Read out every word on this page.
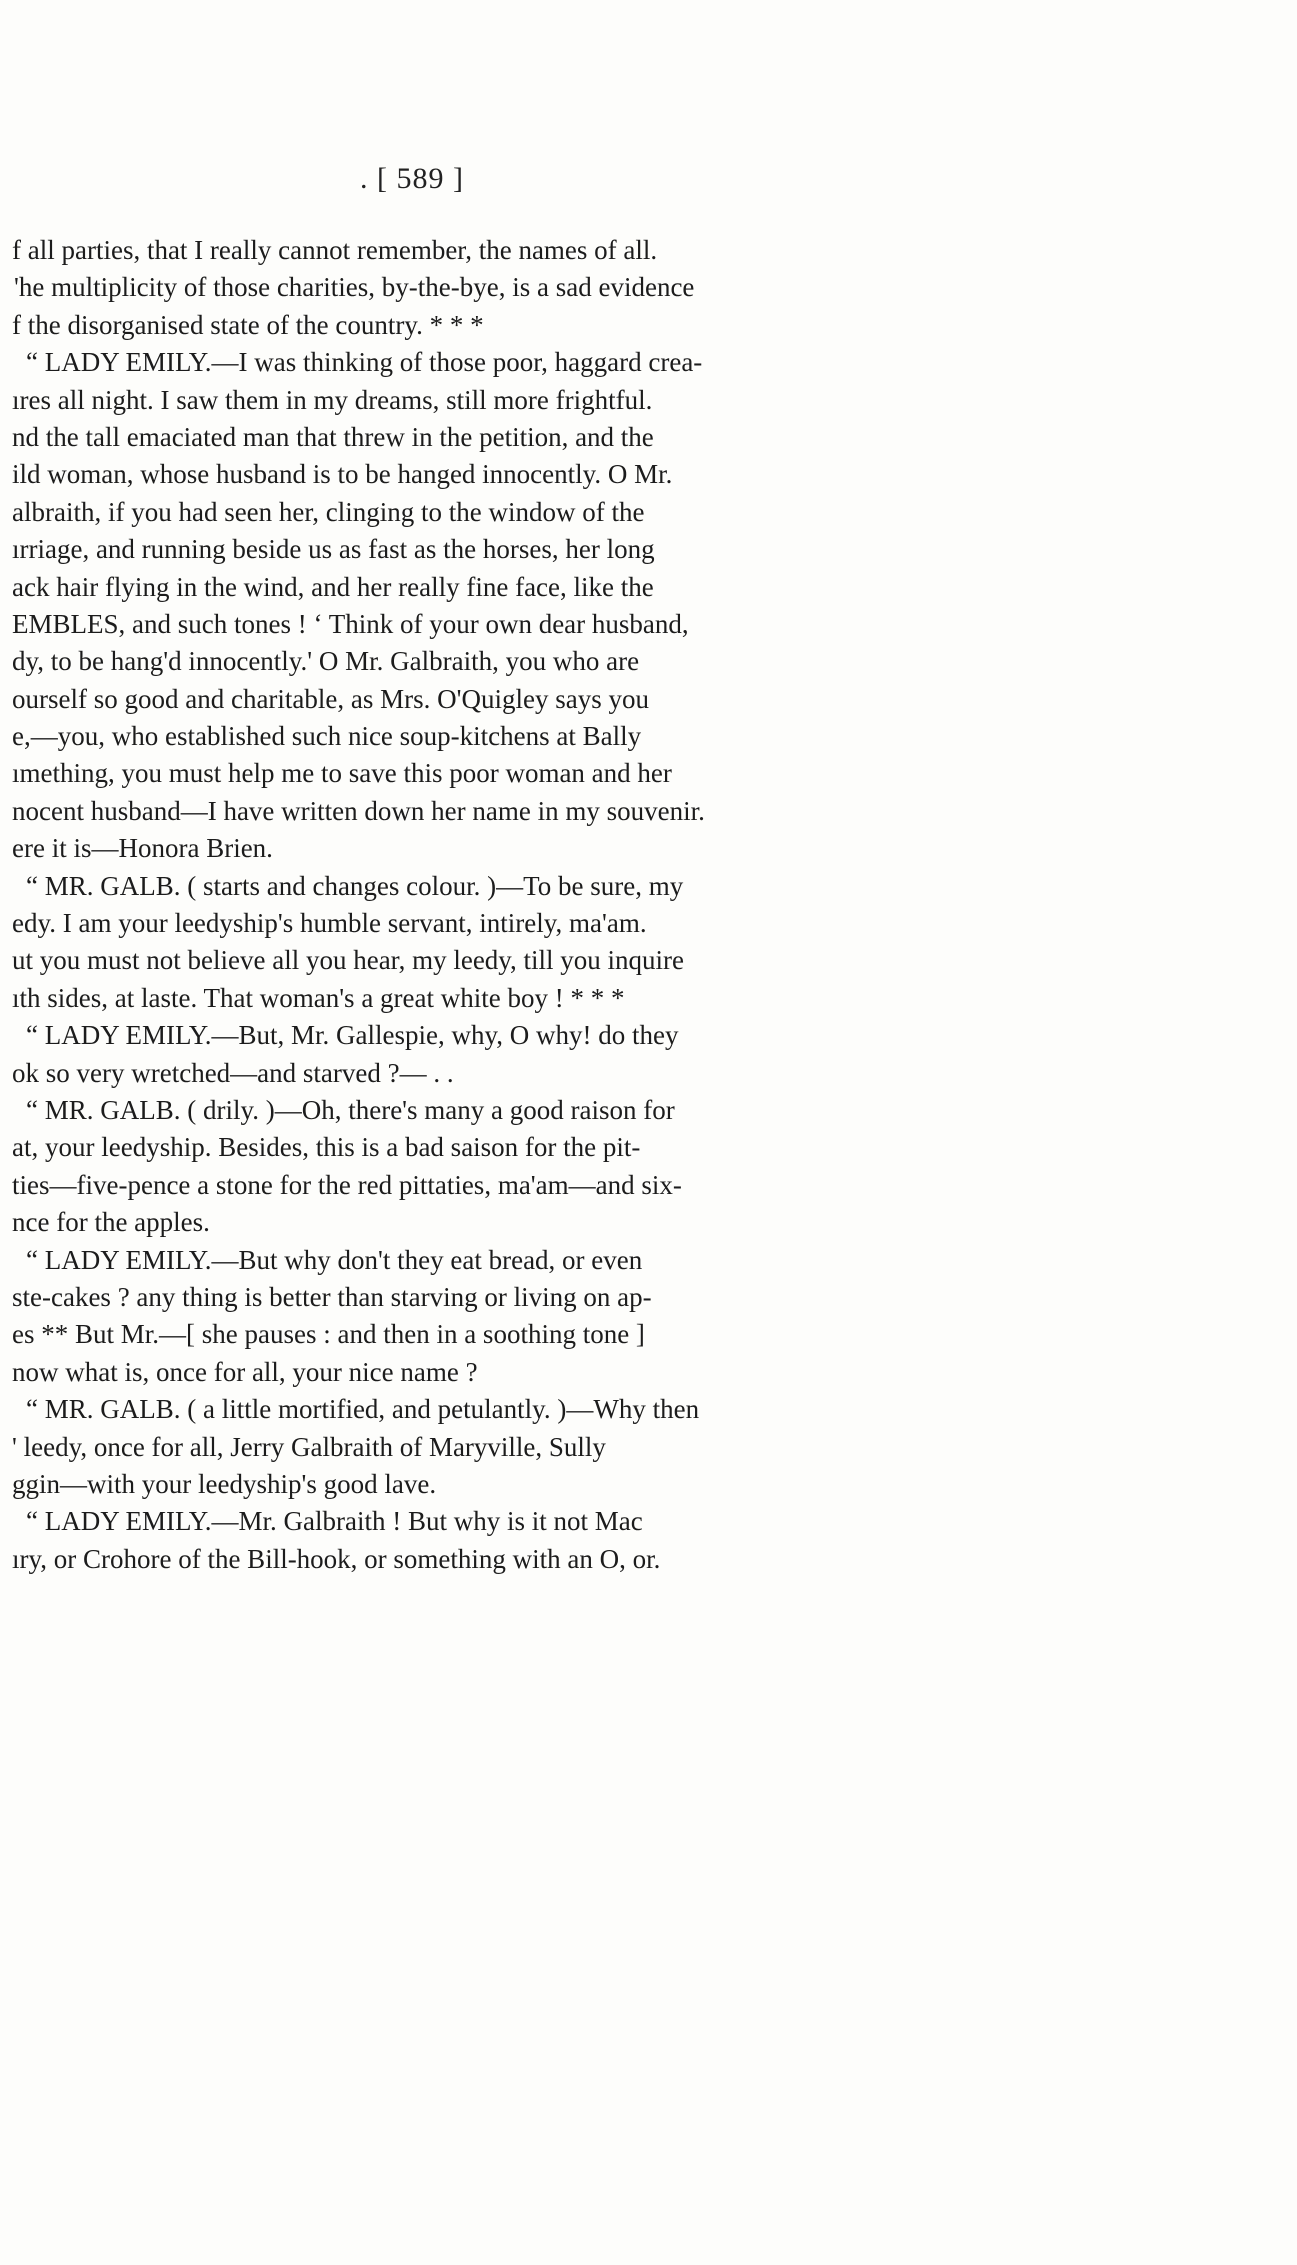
. [ 589 ]
f all parties, that I really cannot remember, the names of all.
'he multiplicity of those charities, by-the-bye, is a sad evidence
f the disorganised state of the country. * * *
“ LADY EMILY.—I was thinking of those poor, haggard crea-
ıres all night. I saw them in my dreams, still more frightful.
nd the tall emaciated man that threw in the petition, and the
ild woman, whose husband is to be hanged innocently. O Mr.
albraith, if you had seen her, clinging to the window of the
ırriage, and running beside us as fast as the horses, her long
ack hair flying in the wind, and her really fine face, like the
EMBLES, and such tones ! ‘ Think of your own dear husband,
dy, to be hang'd innocently.' O Mr. Galbraith, you who are
ourself so good and charitable, as Mrs. O'Quigley says you
e,—you, who established such nice soup-kitchens at Bally
ımething, you must help me to save this poor woman and her
nocent husband—I have written down her name in my souvenir.
ere it is—Honora Brien.
“ MR. GALB. ( starts and changes colour. )—To be sure, my
edy. I am your leedyship's humble servant, intirely, ma'am.
ut you must not believe all you hear, my leedy, till you inquire
ıth sides, at laste. That woman's a great white boy ! * * *
“ LADY EMILY.—But, Mr. Gallespie, why, O why! do they
ok so very wretched—and starved ?— . .
“ MR. GALB. ( drily. )—Oh, there's many a good raison for
at, your leedyship. Besides, this is a bad saison for the pit-
ties—five-pence a stone for the red pittaties, ma'am—and six-
nce for the apples.
“ LADY EMILY.—But why don't they eat bread, or even
ste-cakes ? any thing is better than starving or living on ap-
es ** But Mr.—[ she pauses : and then in a soothing tone ]
now what is, once for all, your nice name ?
“ MR. GALB. ( a little mortified, and petulantly. )—Why then
' leedy, once for all, Jerry Galbraith of Maryville, Sully
ggin—with your leedyship's good lave.
“ LADY EMILY.—Mr. Galbraith ! But why is it not Mac
ıry, or Crohore of the Bill-hook, or something with an O, or.
